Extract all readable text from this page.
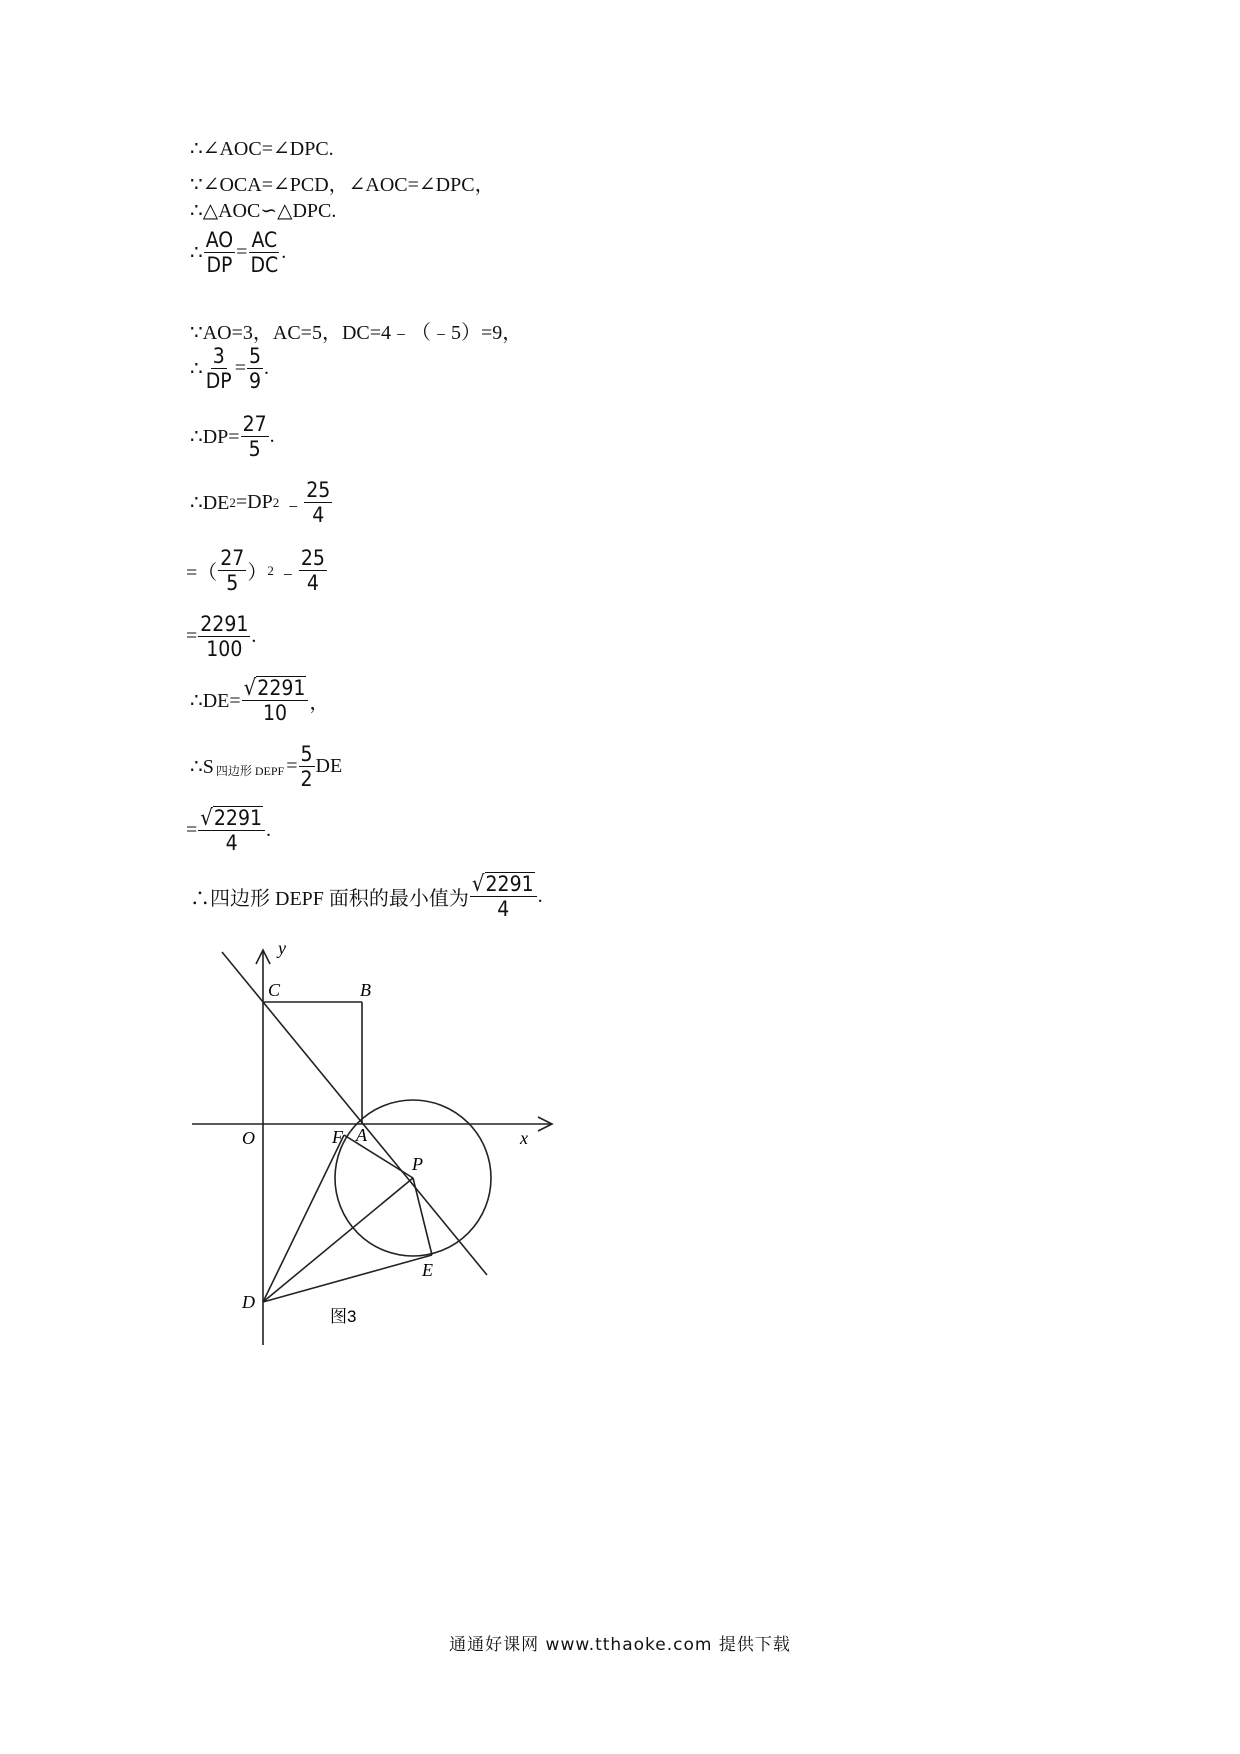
∴∠AOC=∠DPC.
∵∠OCA=∠PCD，∠AOC=∠DPC，
∴△AOC∽△DPC.
∴ $\frac{AO}{DP} = \frac{AC}{DC}$ .
∵AO=3，AC=5，DC=4﹣（﹣5）=9，
∴ $\frac{3}{DP} = \frac{5}{9}$ .
∴DP= $\frac{27}{5}$ .
∴DE 2 =DP 2 ﹣ $\frac{25}{4}$
=（ $\frac{27}{5}$ ） 2 ﹣ $\frac{25}{4}$
= $\frac{2291}{100}$ .
∴DE= $\frac{√ 2291}{10}$ ，
∴S 四边形 DEPF = $\frac{5}{2}$ DE
= $\frac{√ 2291}{4}$ .
∴四边形 DEPF 面积的最小值为 $\frac{√ 2291}{4}$ .
y
x
C	B
O	A
F
P
D
E
图3
通通好课网 www.tthaoke.com 提供下载
